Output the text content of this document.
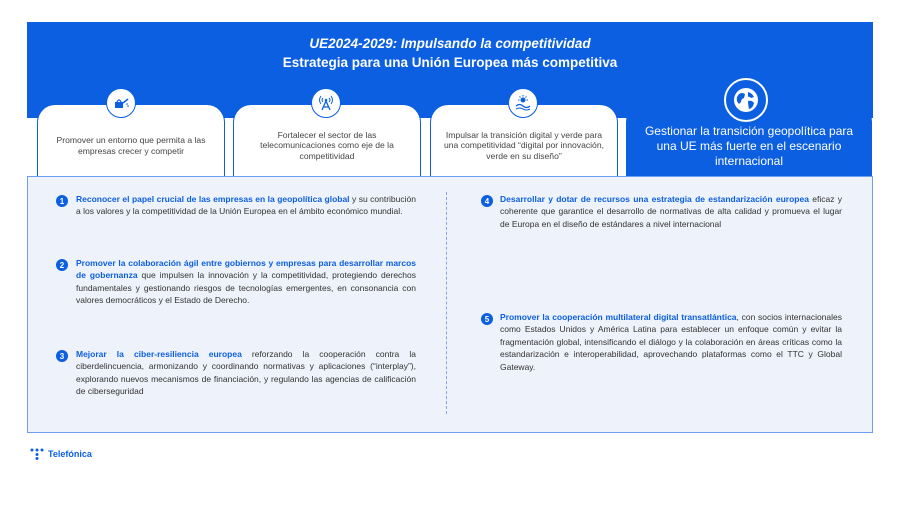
UE2024-2029: Impulsando la competitividad
Estrategia para una Unión Europea más competitiva
Promover un entorno que permita a las empresas crecer y competir
Fortalecer el sector de las telecomunicaciones como eje de la competitividad
Impulsar la transición digital y verde para una competitividad “digital por innovación, verde en su diseño”
Gestionar la transición geopolítica para una UE más fuerte en el escenario internacional
1	Reconocer el papel crucial de las empresas en la geopolítica global y su contribución a los valores y la competitividad de la Unión Europea en el ámbito económico mundial.
2	Promover la colaboración ágil entre gobiernos y empresas para desarrollar marcos de gobernanza que impulsen la innovación y la competitividad, protegiendo derechos fundamentales y gestionando riesgos de tecnologías emergentes, en consonancia con valores democráticos y el Estado de Derecho.
3	Mejorar la ciber-resiliencia europea reforzando la cooperación contra la ciberdelincuencia, armonizando y coordinando normativas y aplicaciones (“interplay”), explorando nuevos mecanismos de financiación, y regulando las agencias de calificación de ciberseguridad
4	Desarrollar y dotar de recursos una estrategia de estandarización europea eficaz y coherente que garantice el desarrollo de normativas de alta calidad y promueva el lugar de Europa en el diseño de estándares a nivel internacional
5	Promover la cooperación multilateral digital transatlántica, con socios internacionales como Estados Unidos y América Latina para establecer un enfoque común y evitar la fragmentación global, intensificando el diálogo y la colaboración en áreas críticas como la estandarización e interoperabilidad, aprovechando plataformas como el TTC y Global Gateway.
Telefónica
